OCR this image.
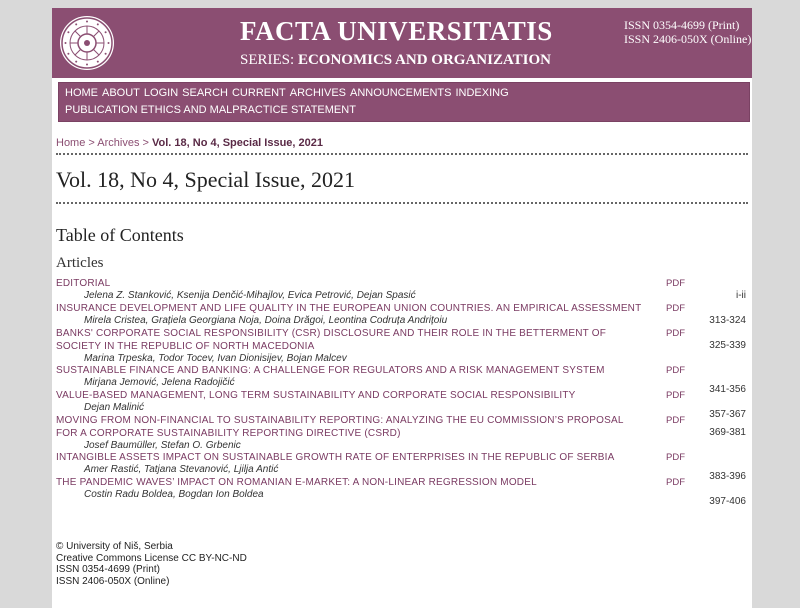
FACTA UNIVERSITATIS
SERIES: ECONOMICS AND ORGANIZATION
ISSN 0354-4699 (Print)
ISSN 2406-050X (Online)
HOME ABOUT LOGIN SEARCH CURRENT ARCHIVES ANNOUNCEMENTS INDEXING
PUBLICATION ETHICS AND MALPRACTICE STATEMENT
Home > Archives > Vol. 18, No 4, Special Issue, 2021
Vol. 18, No 4, Special Issue, 2021
Table of Contents
Articles
EDITORIAL
Jelena Z. Stanković, Ksenija Denčić-Mihajlov, Evica Petrović, Dejan Spasić
PDF
i-ii
INSURANCE DEVELOPMENT AND LIFE QUALITY IN THE EUROPEAN UNION COUNTRIES. AN EMPIRICAL ASSESSMENT
Mirela Cristea, Grațiela Georgiana Noja, Doina Drăgoi, Leontina Codruța Andrițoiu
PDF
313-324
BANKS' CORPORATE SOCIAL RESPONSIBILITY (CSR) DISCLOSURE AND THEIR ROLE IN THE BETTERMENT OF SOCIETY IN THE REPUBLIC OF NORTH MACEDONIA
Marina Trpeska, Todor Tocev, Ivan Dionisijev, Bojan Malcev
PDF
325-339
SUSTAINABLE FINANCE AND BANKING: A CHALLENGE FOR REGULATORS AND A RISK MANAGEMENT SYSTEM
Mirjana Jemović, Jelena Radojičić
PDF
341-356
VALUE-BASED MANAGEMENT, LONG TERM SUSTAINABILITY AND CORPORATE SOCIAL RESPONSIBILITY
Dejan Malinić
PDF
357-367
MOVING FROM NON-FINANCIAL TO SUSTAINABILITY REPORTING: ANALYZING THE EU COMMISSION’S PROPOSAL FOR A CORPORATE SUSTAINABILITY REPORTING DIRECTIVE (CSRD)
Josef Baumüller, Stefan O. Grbenic
PDF
369-381
INTANGIBLE ASSETS IMPACT ON SUSTAINABLE GROWTH RATE OF ENTERPRISES IN THE REPUBLIC OF SERBIA
Amer Rastić, Tatjana Stevanović, Ljilja Antić
PDF
383-396
THE PANDEMIC WAVES’ IMPACT ON ROMANIAN E-MARKET: A NON-LINEAR REGRESSION MODEL
Costin Radu Boldea, Bogdan Ion Boldea
PDF
397-406
© University of Niš, Serbia
Creative Commons License CC BY-NC-ND
ISSN 0354-4699 (Print)
ISSN 2406-050X (Online)
